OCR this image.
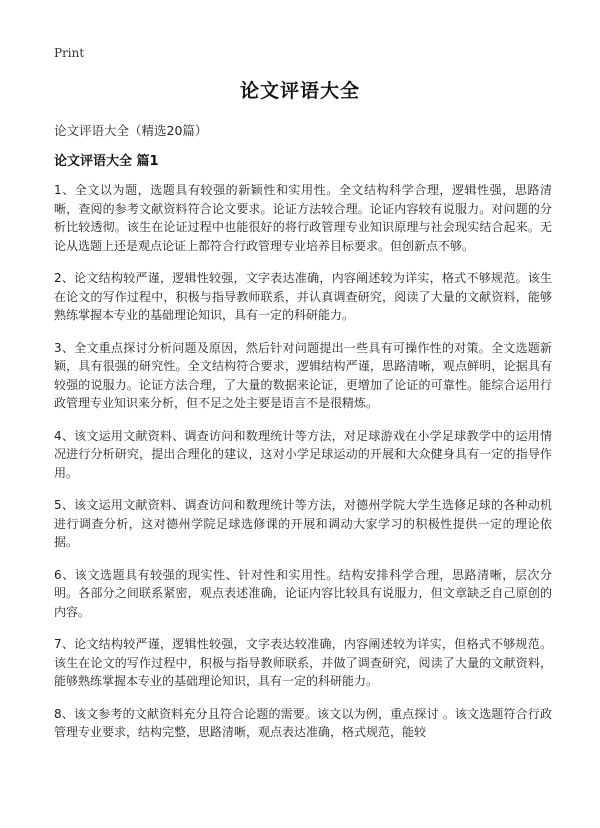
Print
论文评语大全
论文评语大全（精选20篇）
论文评语大全 篇1

1、全文以为题，选题具有较强的新颖性和实用性。全文结构科学合理，逻辑性强，思路清晰，查阅的参考文献资料符合论文要求。论证方法较合理。论证内容较有说服力。对问题的分析比较透彻。该生在论证过程中也能很好的将行政管理专业知识原理与社会现实结合起来。无论从选题上还是观点论证上都符合行政管理专业培养目标要求。但创新点不够。

2、论文结构较严谨，逻辑性较强，文字表达准确，内容阐述较为详实，格式不够规范。该生在论文的写作过程中，积极与指导教师联系，并认真调查研究，阅读了大量的文献资料，能够熟练掌握本专业的基础理论知识，具有一定的科研能力。

3、全文重点探讨分析问题及原因，然后针对问题提出一些具有可操作性的对策。全文选题新颖，具有很强的研究性。全文结构符合要求，逻辑结构严谨，思路清晰，观点鲜明，论据具有较强的说服力。论证方法合理，了大量的数据来论证，更增加了论证的可靠性。能综合运用行政管理专业知识来分析，但不足之处主要是语言不是很精炼。

4、该文运用文献资料、调查访问和数理统计等方法，对足球游戏在小学足球教学中的运用情况进行分析研究，提出合理化的建议，这对小学足球运动的开展和大众健身具有一定的指导作用。

5、该文运用文献资料、调查访问和数理统计等方法，对德州学院大学生选修足球的各种动机进行调查分析，这对德州学院足球选修课的开展和调动大家学习的积极性提供一定的理论依据。

6、该文选题具有较强的现实性、针对性和实用性。结构安排科学合理，思路清晰，层次分明。各部分之间联系紧密，观点表述准确，论证内容比较具有说服力，但文章缺乏自己原创的内容。

7、论文结构较严谨，逻辑性较强，文字表达较准确，内容阐述较为详实，但格式不够规范。该生在论文的写作过程中，积极与指导教师联系，并做了调查研究，阅读了大量的文献资料，能够熟练掌握本专业的基础理论知识，具有一定的科研能力。

8、该文参考的文献资料充分且符合论题的需要。该文以为例，重点探讨 。该文选题符合行政管理专业要求，结构完整，思路清晰，观点表达准确，格式规范，能较
